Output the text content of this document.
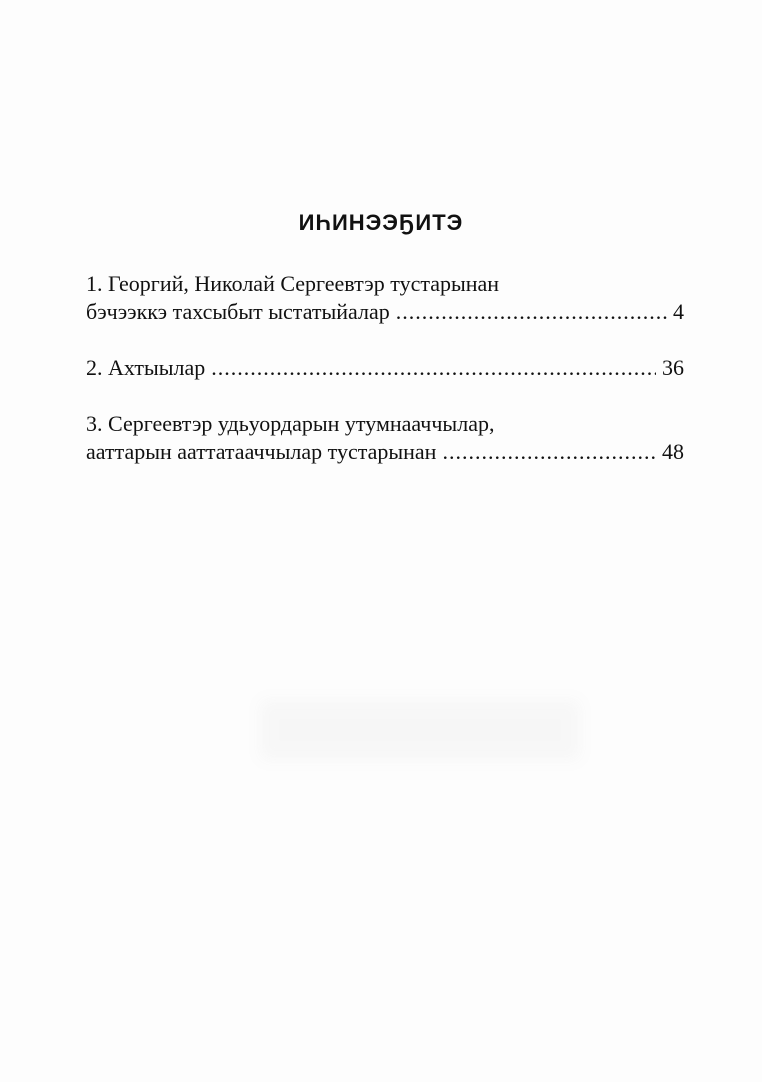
ИҺИНЭЭҔИТЭ
1. Георгий, Николай Сергеевтэр тустарынан
бэчээккэ тахсыбыт ыстатыйалар .....	4
2. Ахтыылар .....	36
3. Сергеевтэр удьуордарын утумнааччылар,
ааттарын ааттатааччылар тустарынан .....	48
